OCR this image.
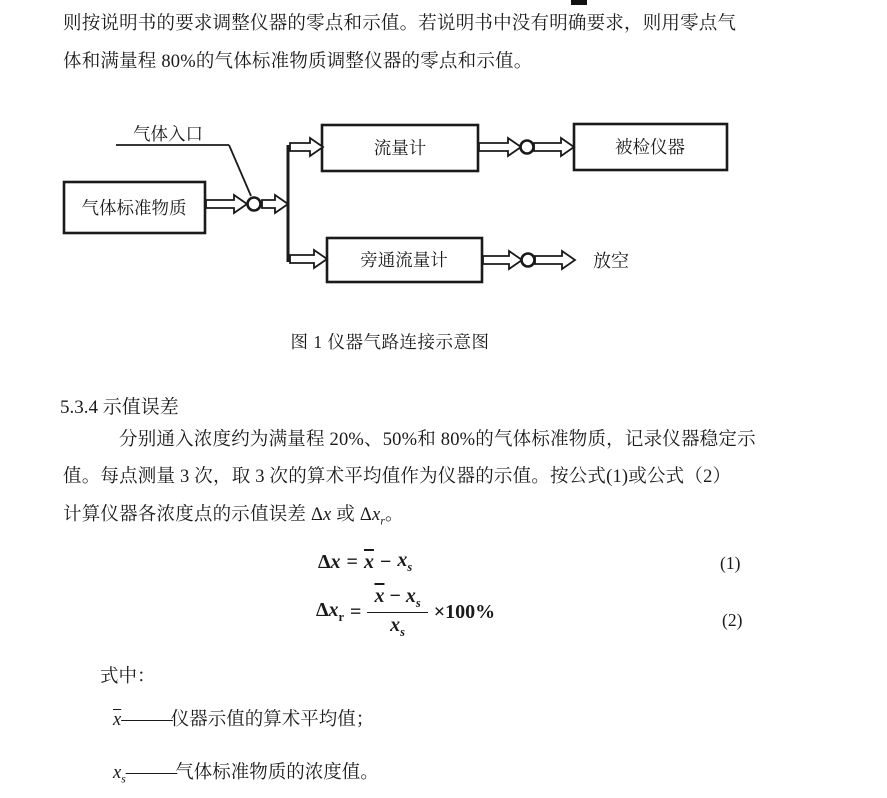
则按说明书的要求调整仪器的零点和示值。若说明书中没有明确要求，则用零点气
体和满量程 80%的气体标准物质调整仪器的零点和示值。
气体入口
气体标准物质
流量计	被检仪器
旁通流量计	放空
图 1 仪器气路连接示意图
5.3.4 示值误差
分别通入浓度约为满量程 20%、50%和 80%的气体标准物质，记录仪器稳定示
值。每点测量 3 次，取 3 次的算术平均值作为仪器的示值。按公式(1)或公式（2）
计算仪器各浓度点的示值误差 Δx 或 $\Delta x_r$。
$\Delta x = \overline{x} - x_s$	(1)
$\Delta x_r = \frac{\overline{x} - x_s}{x_s} \times 100\%$	(2)
式中：
$\overline{x}———$仪器示值的算术平均值；
$x_s———$气体标准物质的浓度值。
